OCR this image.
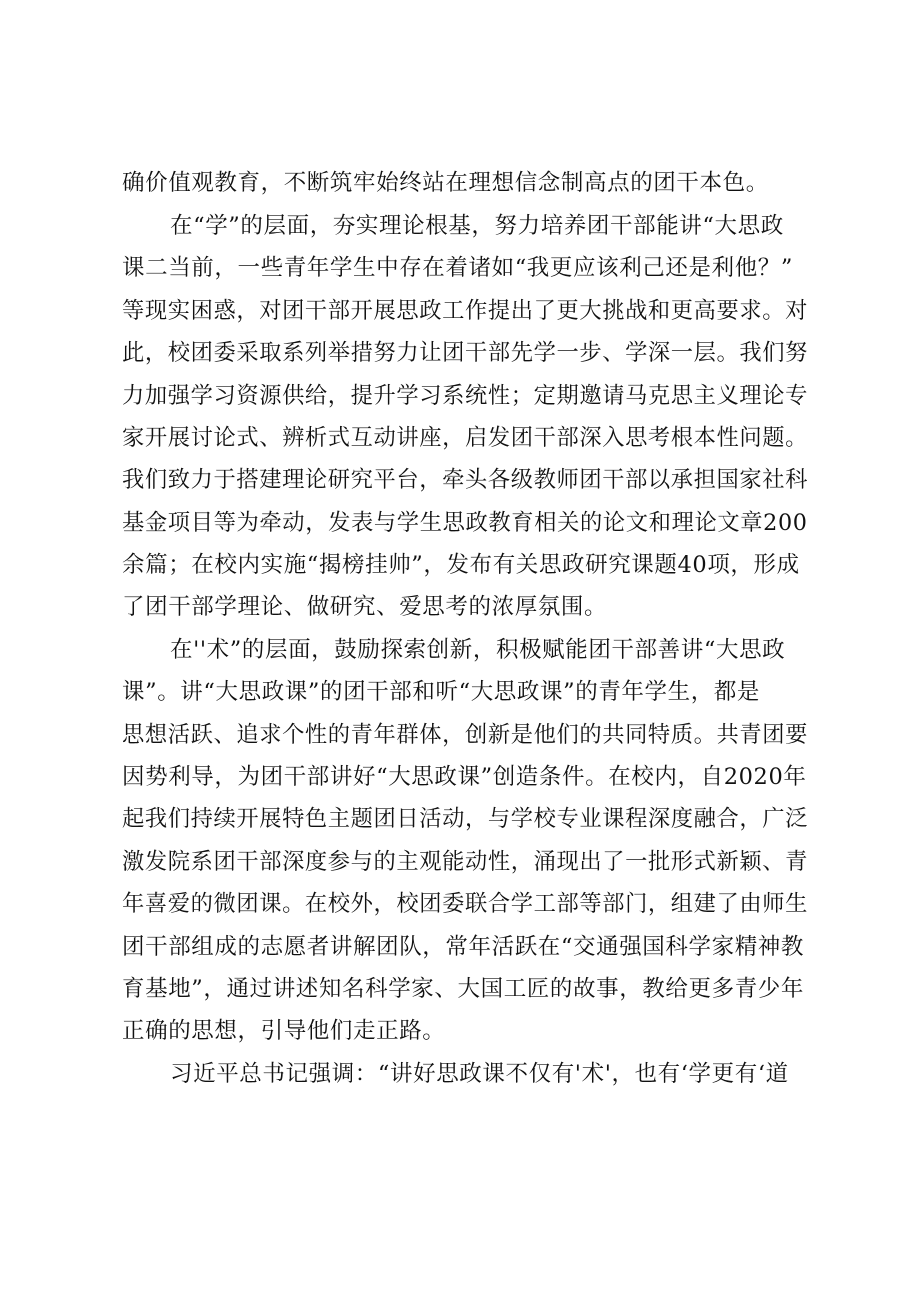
确价值观教育，不断筑牢始终站在理想信念制高点的团干本色。

在“学”的层面，夯实理论根基，努力培养团干部能讲“大思政

课二当前，一些青年学生中存在着诸如“我更应该利己还是利他？”

等现实困惑，对团干部开展思政工作提出了更大挑战和更高要求。对

此，校团委采取系列举措努力让团干部先学一步、学深一层。我们努

力加强学习资源供给，提升学习系统性；定期邀请马克思主义理论专

家开展讨论式、辨析式互动讲座，启发团干部深入思考根本性问题。

我们致力于搭建理论研究平台，牵头各级教师团干部以承担国家社科

基金项目等为牵动，发表与学生思政教育相关的论文和理论文章200

余篇；在校内实施“揭榜挂帅”，发布有关思政研究课题40项，形成

了团干部学理论、做研究、爱思考的浓厚氛围。

在''术”的层面，鼓励探索创新，积极赋能团干部善讲“大思政

课”。讲“大思政课”的团干部和听“大思政课”的青年学生，都是

思想活跃、追求个性的青年群体，创新是他们的共同特质。共青团要

因势利导，为团干部讲好“大思政课”创造条件。在校内，自2020年

起我们持续开展特色主题团日活动，与学校专业课程深度融合，广泛

激发院系团干部深度参与的主观能动性，涌现出了一批形式新颖、青

年喜爱的微团课。在校外，校团委联合学工部等部门，组建了由师生

团干部组成的志愿者讲解团队，常年活跃在“交通强国科学家精神教

育基地”，通过讲述知名科学家、大国工匠的故事，教给更多青少年

正确的思想，引导他们走正路。

习近平总书记强调：“讲好思政课不仅有'术'，也有‘学更有‘道
